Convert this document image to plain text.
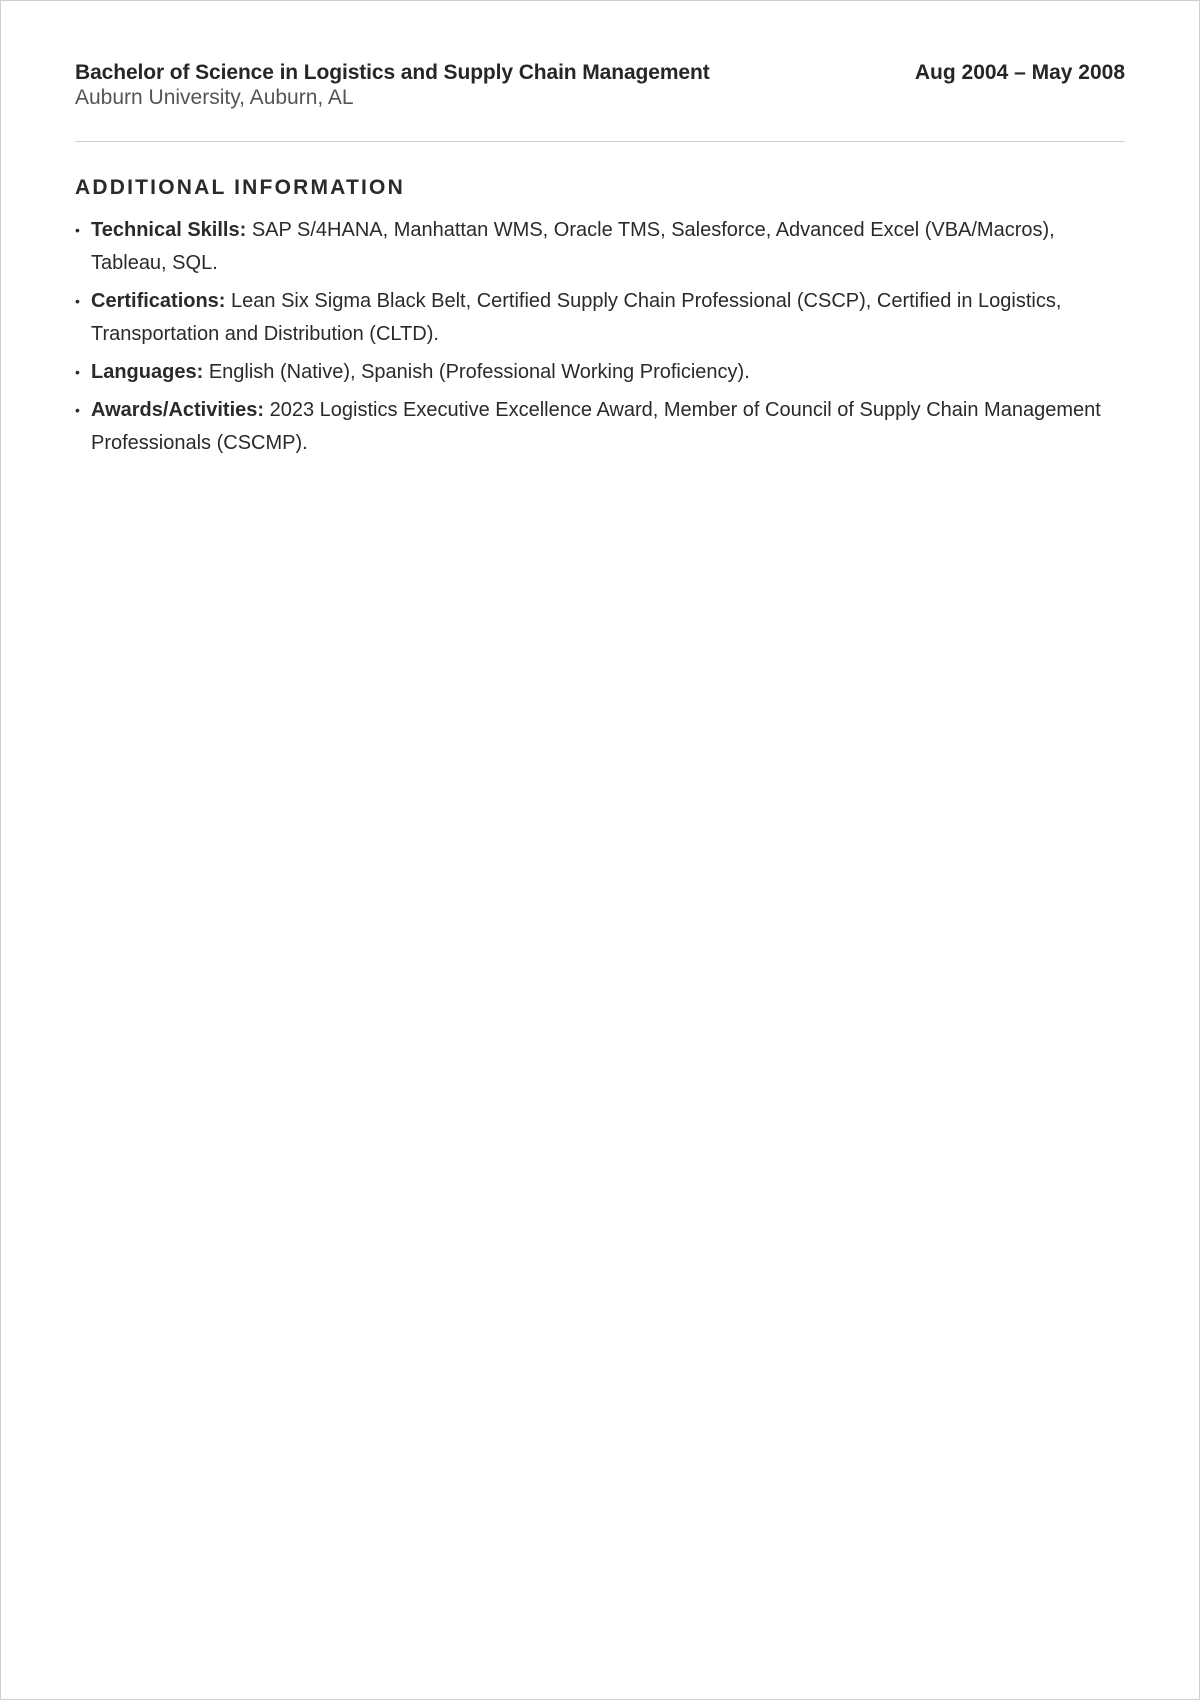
Bachelor of Science in Logistics and Supply Chain Management	Aug 2004 – May 2008
Auburn University, Auburn, AL
ADDITIONAL INFORMATION
• Technical Skills: SAP S/4HANA, Manhattan WMS, Oracle TMS, Salesforce, Advanced Excel (VBA/Macros), Tableau, SQL.
• Certifications: Lean Six Sigma Black Belt, Certified Supply Chain Professional (CSCP), Certified in Logistics, Transportation and Distribution (CLTD).
• Languages: English (Native), Spanish (Professional Working Proficiency).
• Awards/Activities: 2023 Logistics Executive Excellence Award, Member of Council of Supply Chain Management Professionals (CSCMP).
